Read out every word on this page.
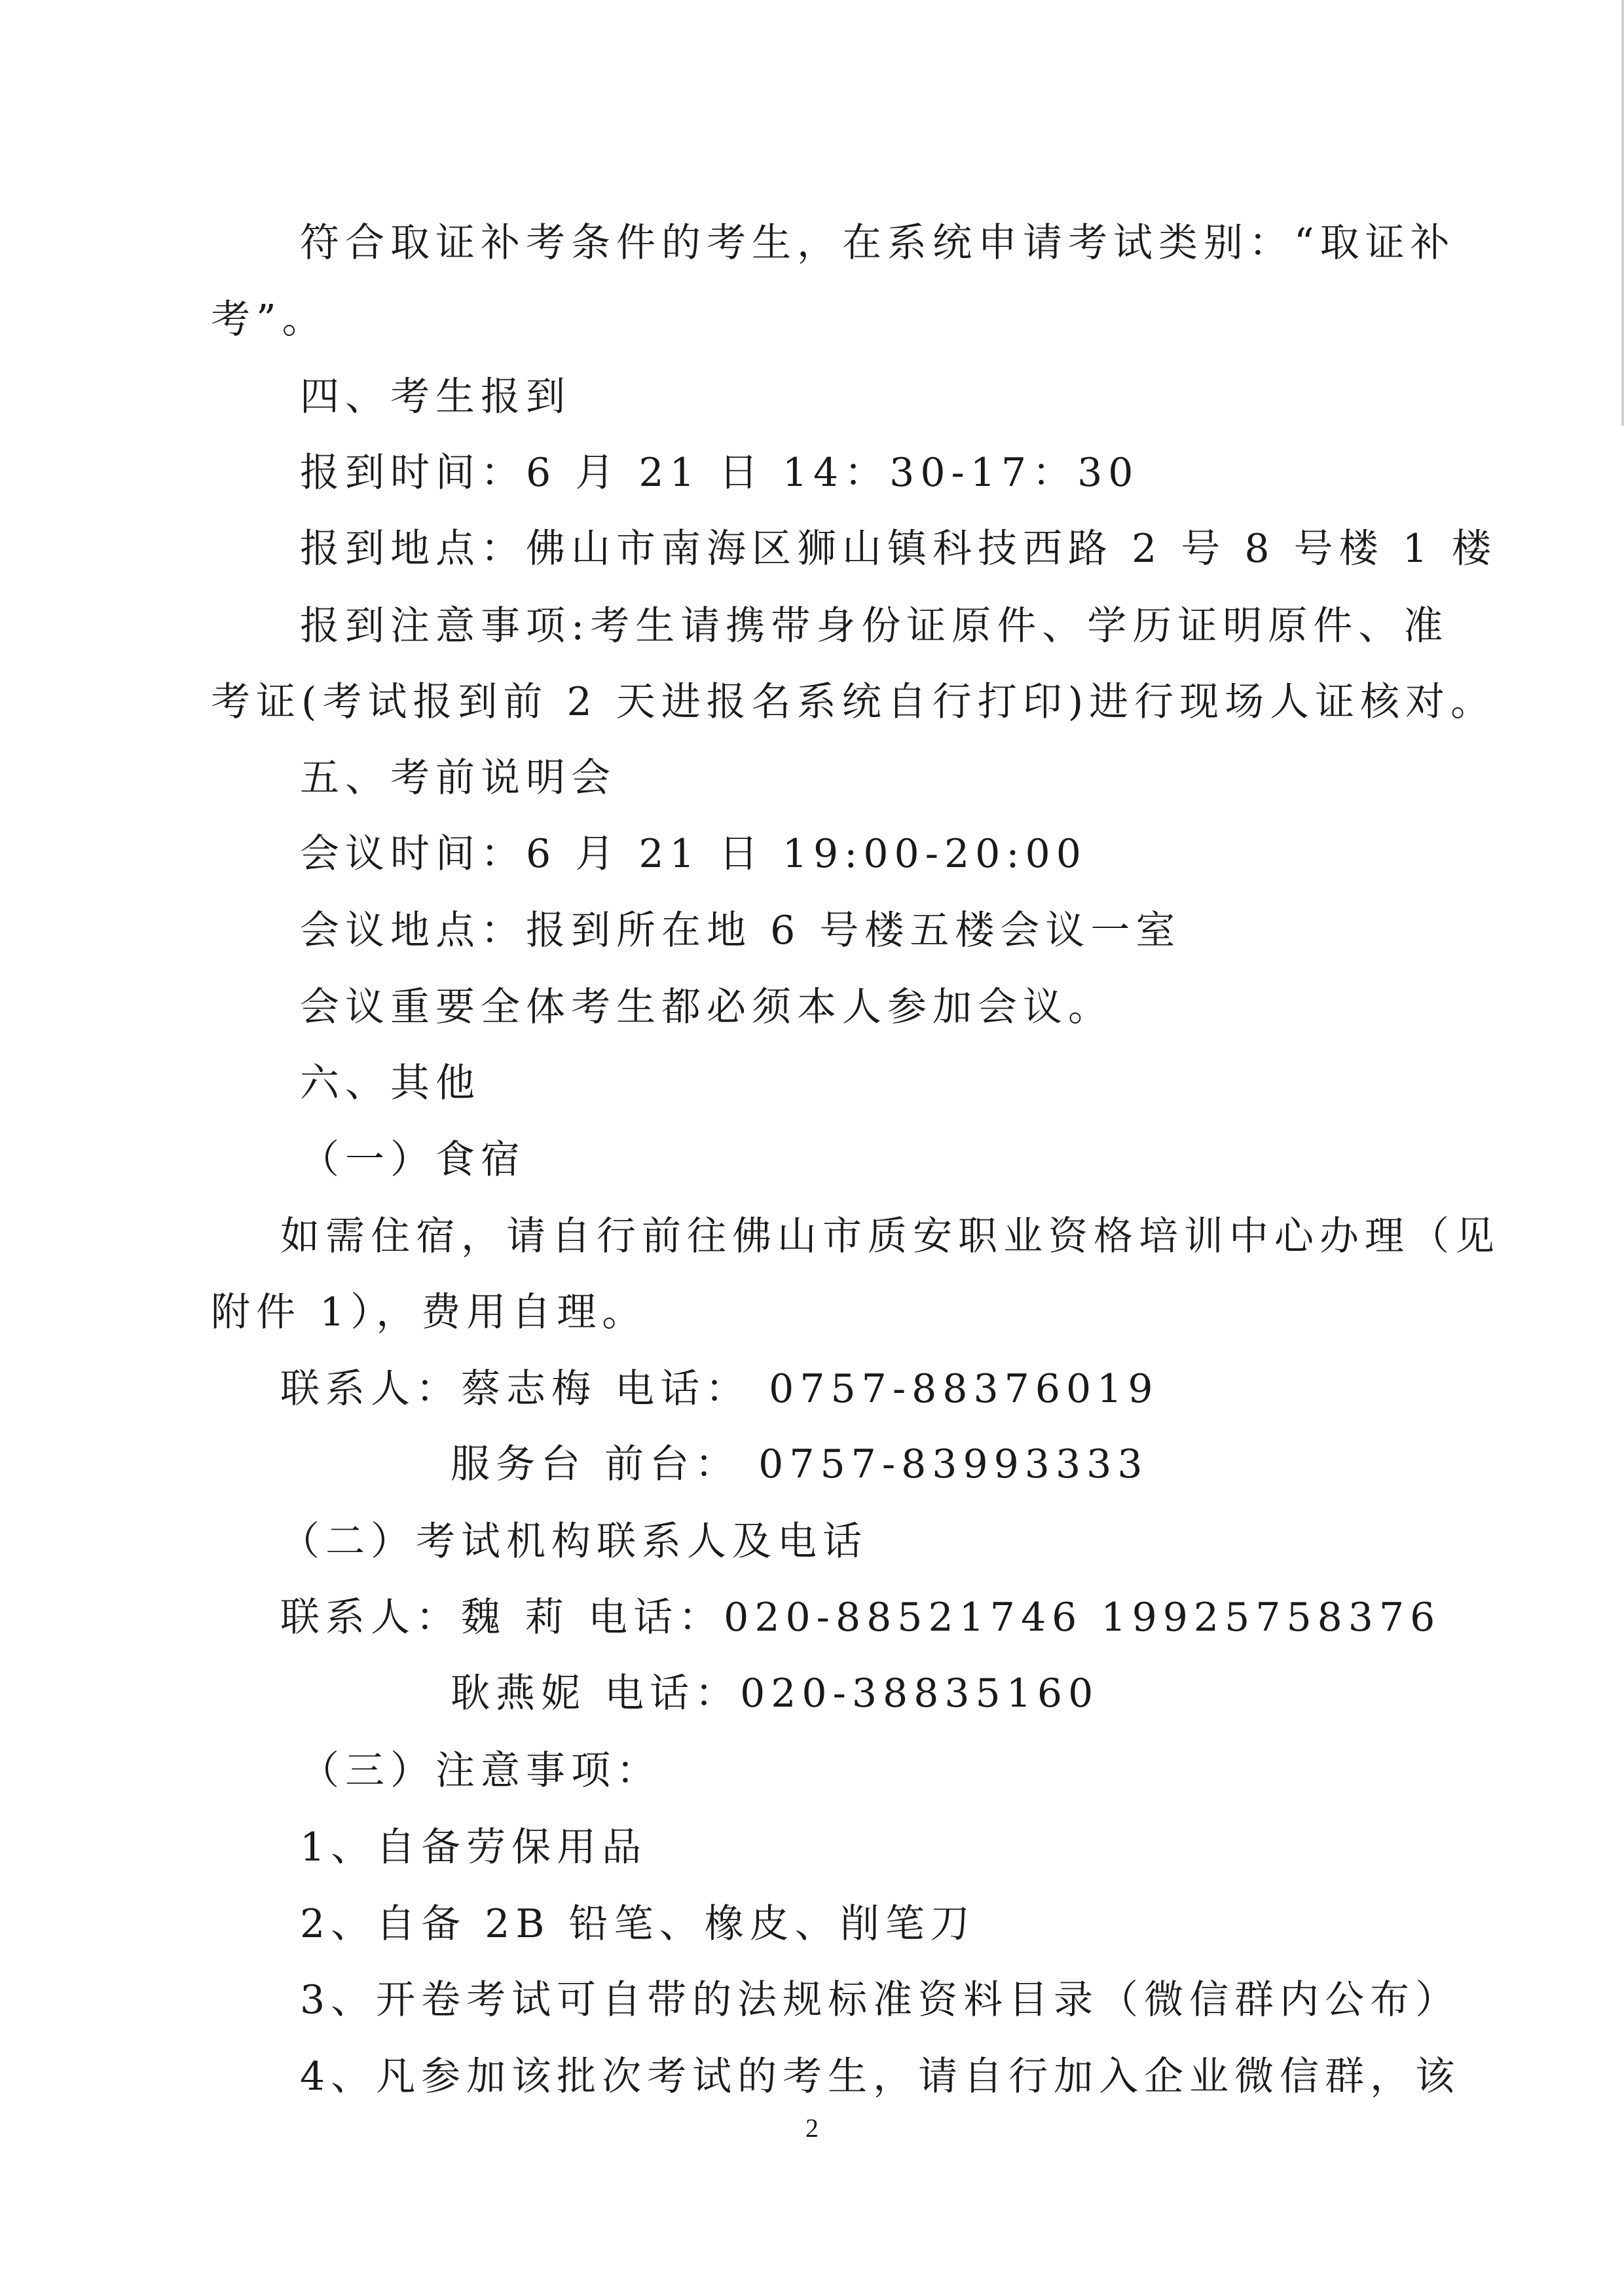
符合取证补考条件的考生，在系统申请考试类别：“取证补
考”。
四、考生报到
报到时间：6 月 21 日 14：30-17：30
报到地点：佛山市南海区狮山镇科技西路 2 号 8 号楼 1 楼
报到注意事项:考生请携带身份证原件、学历证明原件、准
考证(考试报到前 2 天进报名系统自行打印)进行现场人证核对。
五、考前说明会
会议时间：6 月 21 日 19:00-20:00
会议地点：报到所在地 6 号楼五楼会议一室
会议重要全体考生都必须本人参加会议。
六、其他
（一）食宿
如需住宿，请自行前往佛山市质安职业资格培训中心办理（见
附件 1），费用自理。
联系人：蔡志梅 电话： 0757-88376019
服务台 前台： 0757-83993333
（二）考试机构联系人及电话
联系人：魏 莉 电话：020-88521746 19925758376
耿燕妮 电话：020-38835160
（三）注意事项：
1、自备劳保用品
2、自备 2B 铅笔、橡皮、削笔刀
3、开卷考试可自带的法规标准资料目录（微信群内公布）
4、凡参加该批次考试的考生，请自行加入企业微信群，该
2
